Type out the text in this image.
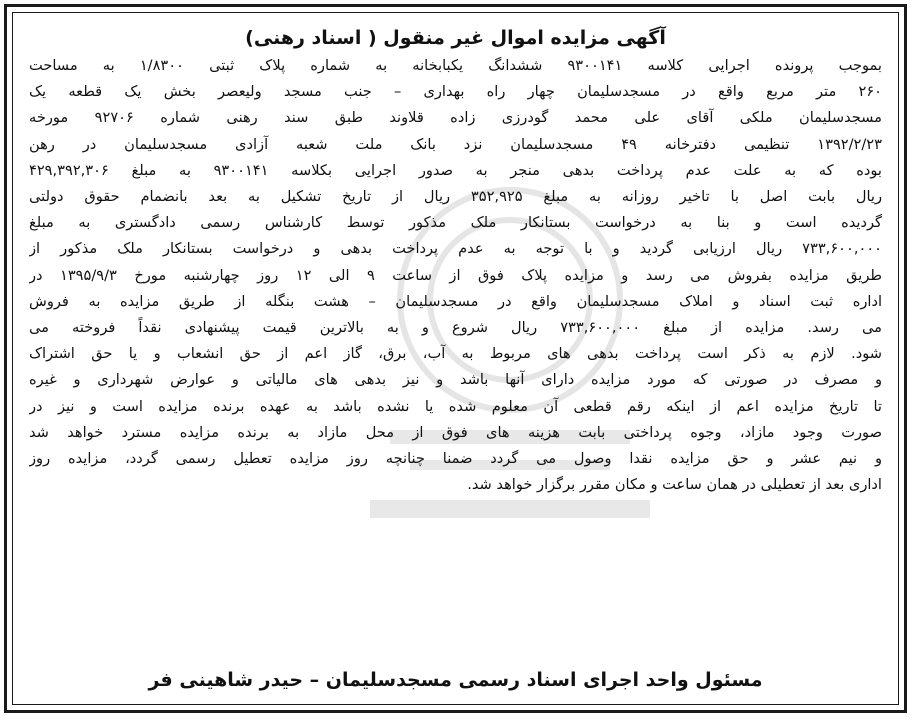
آگهی مزایده اموال غیر منقول ( اسناد رهنی)
بموجب پرونده اجرایی کلاسه ۹۳۰۰۱۴۱ ششدانگ یکبابخانه به شماره پلاک ثبتی ۱/۸۳۰۰ به مساحت
۲۶۰ متر مربع واقع در مسجدسلیمان چهار راه بهداری – جنب مسجد ولیعصر بخش یک قطعه یک
مسجدسلیمان ملکی آقای علی محمد گودرزی زاده قلاوند طبق سند رهنی شماره ۹۲۷۰۶ مورخه
۱۳۹۲/۲/۲۳ تنظیمی دفترخانه ۴۹ مسجدسلیمان نزد بانک ملت شعبه آزادی مسجدسلیمان در رهن
بوده که به علت عدم پرداخت بدهی منجر به صدور اجرایی بکلاسه ۹۳۰۰۱۴۱ به مبلغ ۴۲۹,۳۹۲,۳۰۶
ریال بابت اصل با تاخیر روزانه به مبلغ ۳۵۲,۹۲۵ ریال از تاریخ تشکیل به بعد بانضمام حقوق دولتی
گردیده است و بنا به درخواست بستانکار ملک مذکور توسط کارشناس رسمی دادگستری به مبلغ
۷۳۳,۶۰۰,۰۰۰ ریال ارزیابی گردید و با توجه به عدم پرداخت بدهی و درخواست بستانکار ملک مذکور از
طریق مزایده بفروش می رسد و مزایده پلاک فوق از ساعت ۹ الی ۱۲ روز چهارشنبه مورخ ۱۳۹۵/۹/۳ در
اداره ثبت اسناد و املاک مسجدسلیمان واقع در مسجدسلیمان – هشت بنگله از طریق مزایده به فروش
می رسد. مزایده از مبلغ ۷۳۳,۶۰۰,۰۰۰ ریال شروع و به بالاترین قیمت پیشنهادی نقداً فروخته می
شود. لازم به ذکر است پرداخت بدهی های مربوط به آب، برق، گاز اعم از حق انشعاب و یا حق اشتراک
و مصرف در صورتی که مورد مزایده دارای آنها باشد و نیز بدهی های مالیاتی و عوارض شهرداری و غیره
تا تاریخ مزایده اعم از اینکه رقم قطعی آن معلوم شده یا نشده باشد به عهده برنده مزایده است و نیز در
صورت وجود مازاد، وجوه پرداختی بابت هزینه های فوق از محل مازاد به برنده مزایده مسترد خواهد شد
و نیم عشر و حق مزایده نقدا وصول می گردد ضمنا چنانچه روز مزایده تعطیل رسمی گردد، مزایده روز
اداری بعد از تعطیلی در همان ساعت و مکان مقرر برگزار خواهد شد.
مسئول واحد اجرای اسناد رسمی مسجدسلیمان – حیدر شاهینی فر
